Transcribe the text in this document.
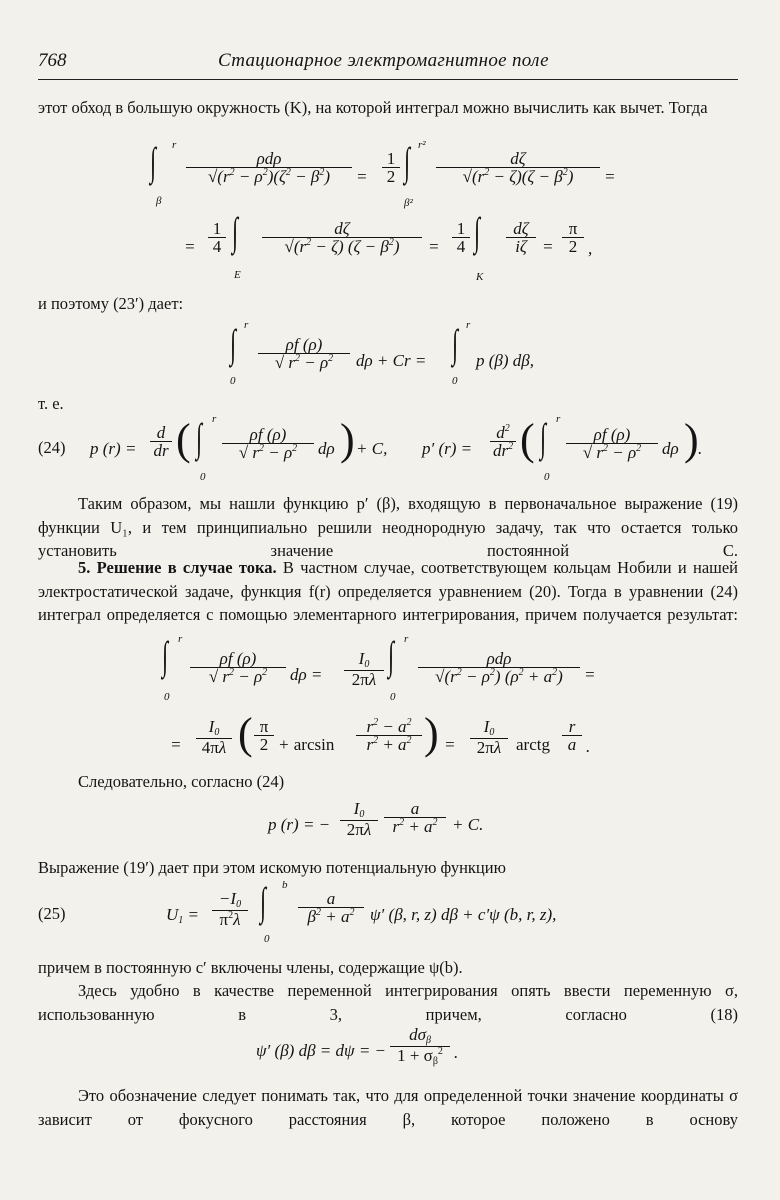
768	Стационарное электромагнитное поле
этот обход в большую окружность (K), на которой интеграл можно вычислить как вычет. Тогда
∫ r
β
ρdρ
$√(r^2 - \rho^2)(\zeta^2 - \beta^2)$	= $\frac{1}{2}$ ∫ r²
β²
$\frac{d\zeta}{√(r^2 - \zeta)(\zeta - \beta^2)}$ =
= $\frac{1}{4}$ ∫
E
$\frac{d\zeta}{√(r^2 - \zeta) (\zeta - \beta^2)} = \frac{1}{4}$ ∫
K
$\frac{d\zeta}{i\zeta} = \frac{\pi}{2}$ ,
и поэтому (23′) дает:
∫ r
0
$\frac{\rho f (\rho)}{√ r^2 - \rho^2}$ dρ + Cr = ∫ r
0
p (β) dβ,
т. е.
(24) p $(r) = \frac{d}{dr}$ ( ∫ r
0
$\frac{\rho f (\rho)}{√ r^2 - \rho^2}$ dρ ) + C, p′ $(r) = \frac{d^2}{dr^2}$ ( ∫ r
0
$\frac{\rho f (\rho)}{√ r^2 - \rho^2}$ dρ ) .
Таким образом, мы нашли функцию p′ (β), входящую в первоначальное выражение (19) функции U₁, и тем принципиально решили неоднородную задачу, так что остается только установить значение постоянной C.
5. Решение в случае тока. В частном случае, соответствующем кольцам Нобили и нашей электростатической задаче, функция f(r) определяется уравнением (20). Тогда в уравнении (24) интеграл определяется с помощью элементарного интегрирования, причем получается результат:
∫ r
0
$\frac{\rho f (\rho)}{√ r^2 - \rho^2}$ $d\rho = \frac{I0}{2\pi\lambda}$ ∫ r
0
ρdρ
$√(r^2 - \rho^2) (\rho^2 + a^2)$	=
= $\frac{I0}{4\pi\lambda}$ ( $\frac{\pi}{2} + \arcsin \frac{r^2 - a^2}{r^2 + a^2}$ ) = $\frac{I0}{2\pi\lambda}$ arctg $\frac{r}{a}$ .
Следовательно, согласно (24)
p (r) = − $\frac{I0}{2\pi\lambda} \frac{a}{r^2 + a^2} + C$.
Выражение (19′) дает при этом искомую потенциальную функцию
(25)	$U1 = \frac{-I0}{\pi^2\lambda}$ ∫ b
0
$\frac{a}{\beta^2 + a^2} \psi'$ (β, r, z) dβ + c′ψ (b, r, z),
причем в постоянную c′ включены члены, содержащие ψ(b).
Здесь удобно в качестве переменной интегрирования опять ввести переменную σ, использованную в 3, причем, согласно (18)
ψ′ (β) dβ = dψ = −
dσβ
$1 + \sigma\beta^2$ .
Это обозначение следует понимать так, что для определенной точки значение координаты σ зависит от фокусного расстояния β, которое положено в основу
